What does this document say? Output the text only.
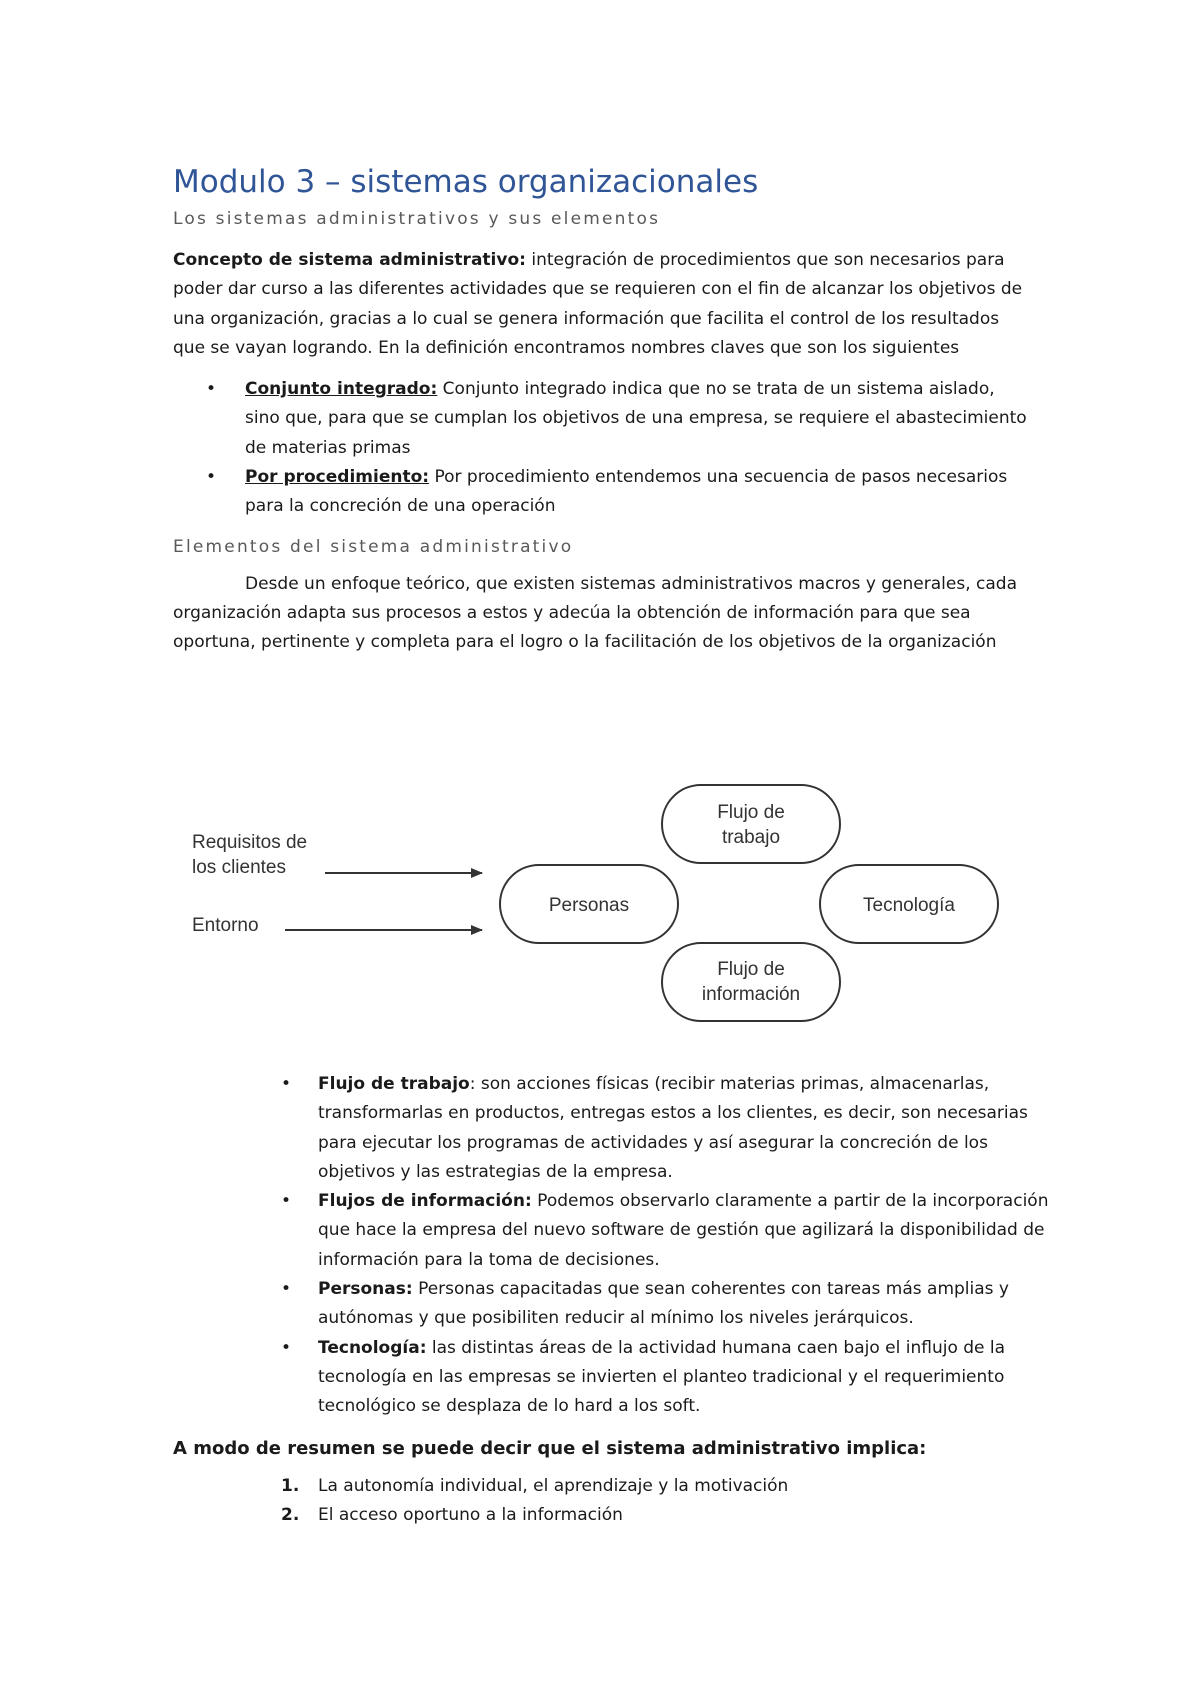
Modulo 3 – sistemas organizacionales
Los sistemas administrativos y sus elementos

Concepto de sistema administrativo: integración de procedimientos que son necesarios para poder dar curso a las diferentes actividades que se requieren con el fin de alcanzar los objetivos de una organización, gracias a lo cual se genera información que facilita el control de los resultados que se vayan logrando. En la definición encontramos nombres claves que son los siguientes

• Conjunto integrado: Conjunto integrado indica que no se trata de un sistema aislado, sino que, para que se cumplan los objetivos de una empresa, se requiere el abastecimiento de materias primas
• Por procedimiento: Por procedimiento entendemos una secuencia de pasos necesarios para la concreción de una operación
Elementos del sistema administrativo

Desde un enfoque teórico, que existen sistemas administrativos macros y generales, cada organización adapta sus procesos a estos y adecúa la obtención de información para que sea oportuna, pertinente y completa para el logro o la facilitación de los objetivos de la organización

Requisitos de
los clientes
Entorno
Personas
Flujo de
trabajo
Tecnología
Flujo de
información
• Flujo de trabajo: son acciones físicas (recibir materias primas, almacenarlas, transformarlas en productos, entregas estos a los clientes, es decir, son necesarias para ejecutar los programas de actividades y así asegurar la concreción de los objetivos y las estrategias de la empresa.
• Flujos de información: Podemos observarlo claramente a partir de la incorporación que hace la empresa del nuevo software de gestión que agilizará la disponibilidad de información para la toma de decisiones.
• Personas: Personas capacitadas que sean coherentes con tareas más amplias y autónomas y que posibiliten reducir al mínimo los niveles jerárquicos.
• Tecnología: las distintas áreas de la actividad humana caen bajo el influjo de la tecnología en las empresas se invierten el planteo tradicional y el requerimiento tecnológico se desplaza de lo hard a los soft.
A modo de resumen se puede decir que el sistema administrativo implica:
1. La autonomía individual, el aprendizaje y la motivación
2. El acceso oportuno a la información
